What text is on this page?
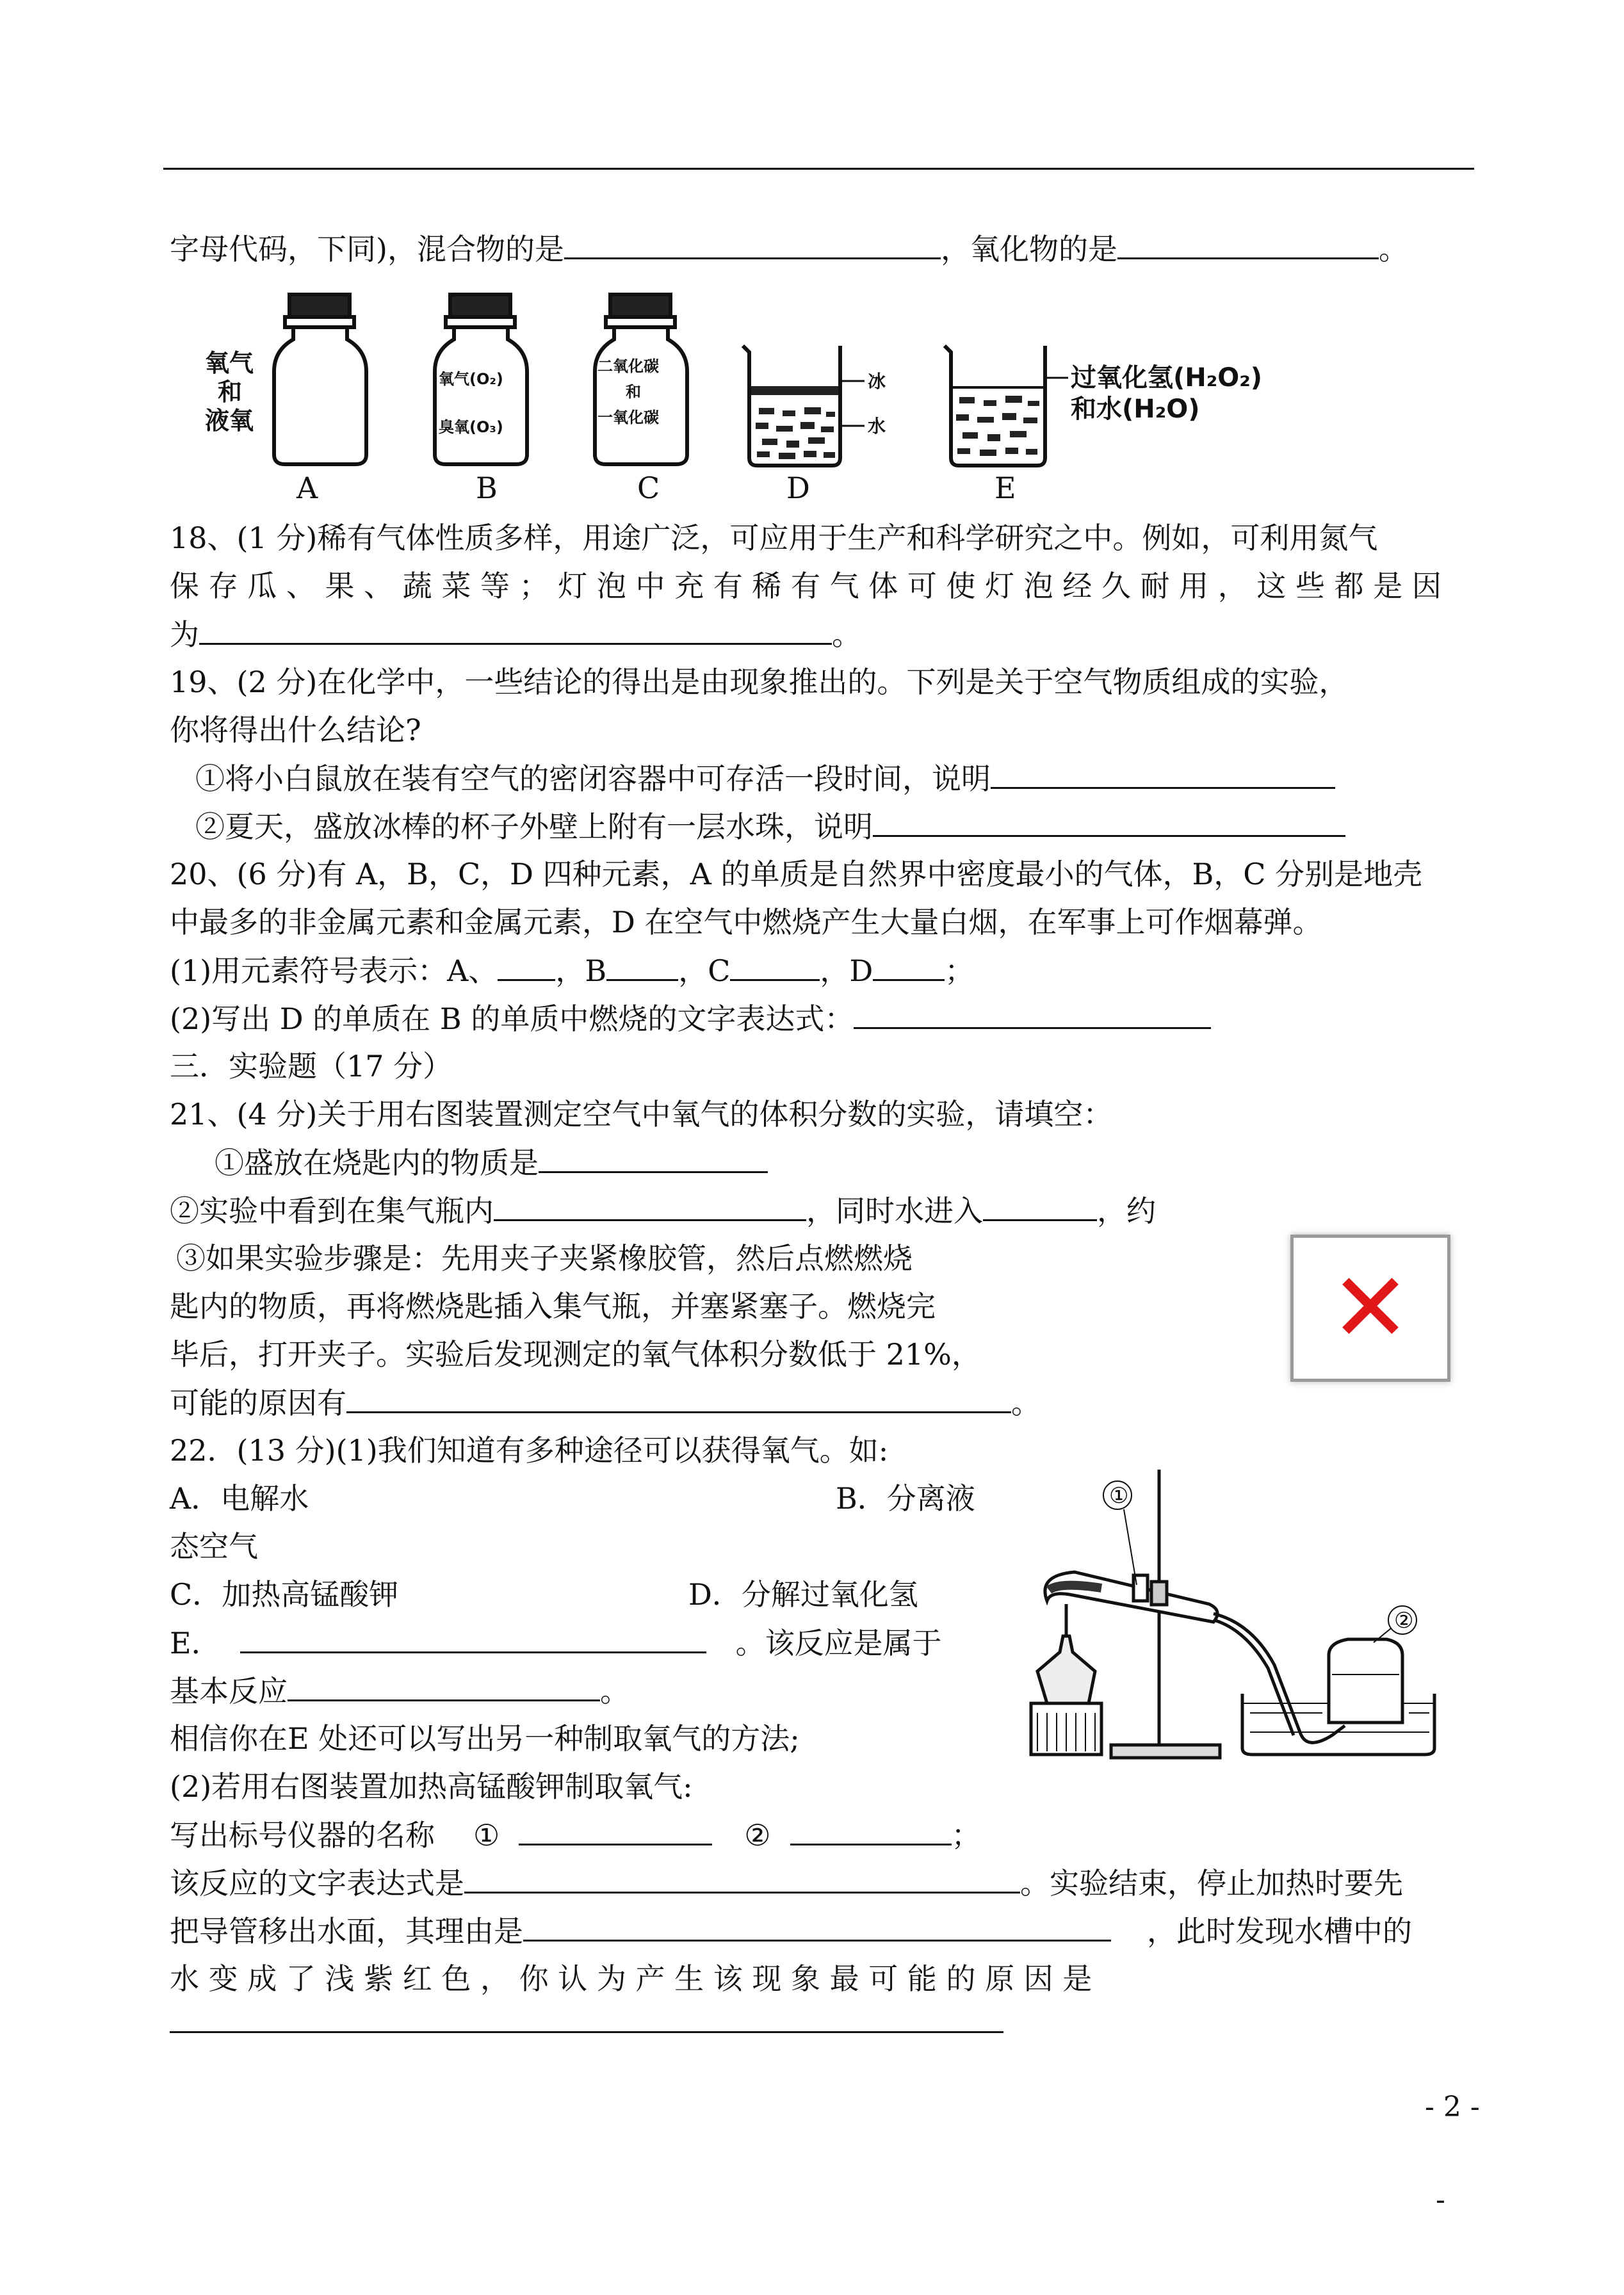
字母代码，下同)，混合物的是	，氧化物的是	。
氧气
和
液氧
氧气(O₂)
臭氧(O₃)
二氧化碳
和
一氧化碳
冰
水
过氧化氢(H₂O₂)
和水(H₂O)
A	B	C	D	E
18、(1 分)稀有气体性质多样，用途广泛，可应用于生产和科学研究之中。例如，可利用氮气
保 存 瓜 、 果 、 蔬 菜 等 ； 灯 泡 中 充 有 稀 有 气 体 可 使 灯 泡 经 久 耐 用 ， 这 些 都 是 因
为	。
19、(2 分)在化学中，一些结论的得出是由现象推出的。下列是关于空气物质组成的实验，
你将得出什么结论?
①将小白鼠放在装有空气的密闭容器中可存活一段时间，说明
②夏天，盛放冰棒的杯子外壁上附有一层水珠，说明
20、(6 分)有 A，B，C，D 四种元素，A 的单质是自然界中密度最小的气体，B，C 分别是地壳
中最多的非金属元素和金属元素，D 在空气中燃烧产生大量白烟，在军事上可作烟幕弹。
(1)用元素符号表示：A、 ，B ，C	，D ；
(2)写出 D 的单质在 B 的单质中燃烧的文字表达式：
三．实验题（17 分）
21、(4 分)关于用右图装置测定空气中氧气的体积分数的实验，请填空：
①盛放在烧匙内的物质是
②实验中看到在集气瓶内	，同时水进入	，约
③如果实验步骤是：先用夹子夹紧橡胶管，然后点燃燃烧
匙内的物质，再将燃烧匙插入集气瓶，并塞紧塞子。燃烧完
毕后，打开夹子。实验后发现测定的氧气体积分数低于 21%，
可能的原因有	。
✕
22．(13 分)(1)我们知道有多种途径可以获得氧气。如:
A．电解水	B．分离液
态空气
C．加热高锰酸钾	D．分解过氧化氢
E．	。该反应是属于
基本反应	。
相信你在E 处还可以写出另一种制取氧气的方法;
(2)若用右图装置加热高锰酸钾制取氧气:
写出标号仪器的名称 ①	②	；
该反应的文字表达式是	。实验结束，停止加热时要先
把导管移出水面，其理由是	，此时发现水槽中的
水 变 成 了 浅 紫 红 色 ， 你 认 为 产 生 该 现 象 最 可 能 的 原 因 是
①
②
- 2 -
-
